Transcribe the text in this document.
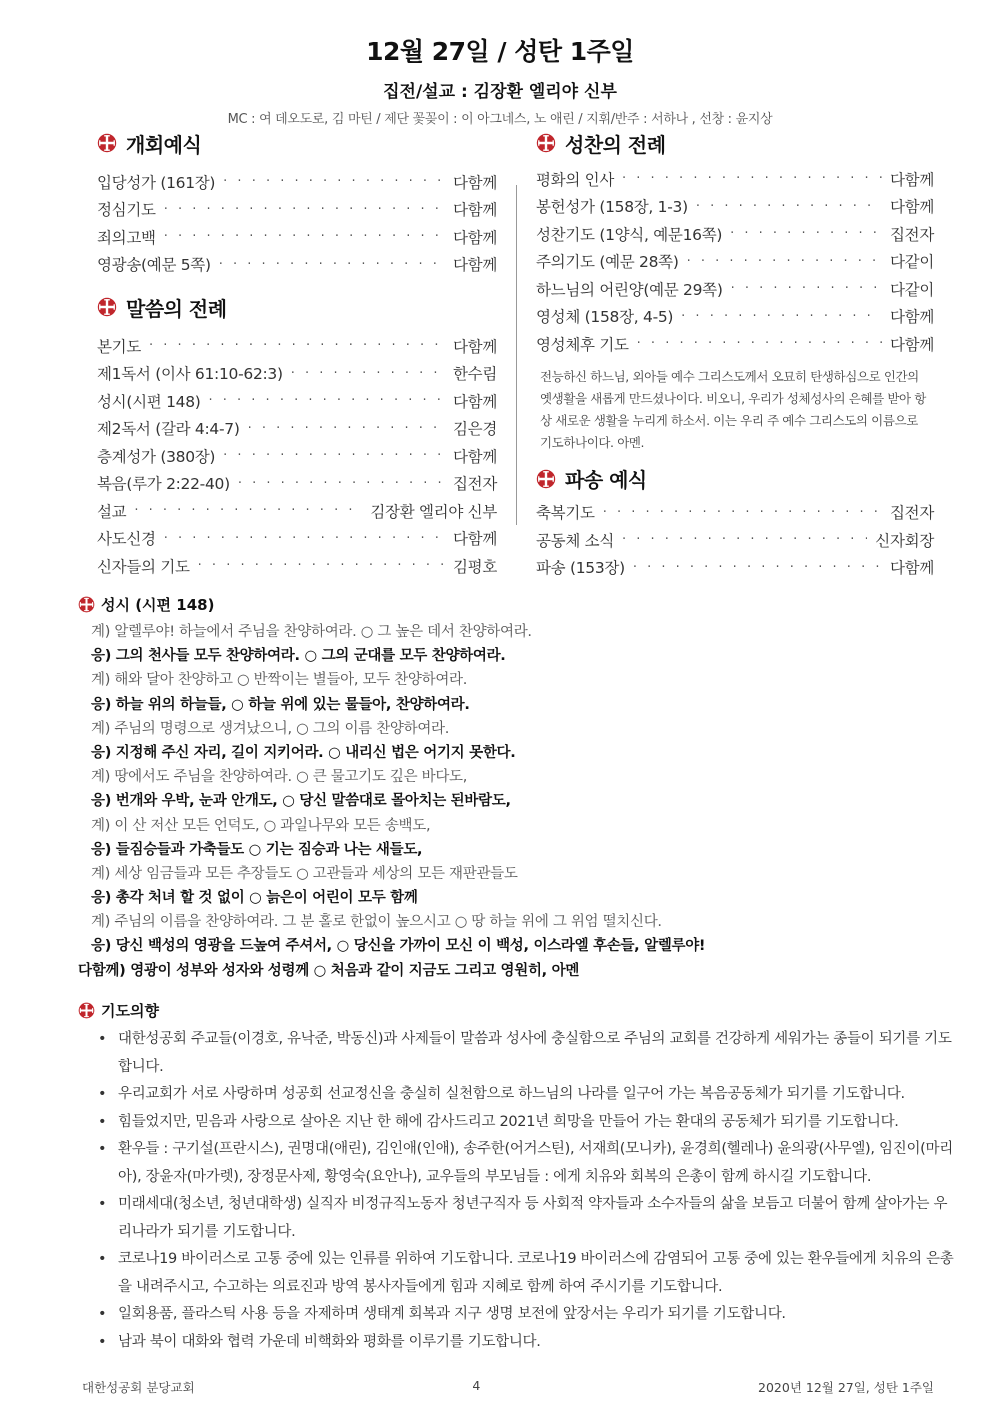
12월 27일 / 성탄 1주일
집전/설교 : 김장환 엘리야 신부
MC : 여 데오도로, 김 마틴 / 제단 꽃꽂이 : 이 아그네스, 노 애린 / 지휘/반주 : 서하나 , 선창 : 윤지상
개회예식
입당성가 (161장) · · ·	다함께
정심기도 · · ·	다함께
죄의고백 · · ·	다함께
영광송(예문 5쪽) · · ·	다함께
말씀의 전례
본기도 · · ·	다함께
제1독서 (이사 61:10-62:3) · · ·	한수림
성시(시편 148) · · ·	다함께
제2독서 (갈라 4:4-7) · · ·	김은경
층계성가 (380장) · · ·	다함께
복음(루가 2:22-40) · · ·	집전자
설교 · · ·	김장환 엘리야 신부
사도신경 · · ·	다함께
신자들의 기도 · · ·	김평호
성찬의 전례
평화의 인사 · · ·	다함께
봉헌성가 (158장, 1-3) · · ·	다함께
성찬기도 (1양식, 예문16쪽) · · ·	집전자
주의기도 (예문 28쪽) · · ·	다같이
하느님의 어린양(예문 29쪽) · · ·	다같이
영성체 (158장, 4-5) · · ·	다함께
영성체후 기도 · · ·	다함께
전능하신 하느님, 외아들 예수 그리스도께서 오묘히 탄생하심으로 인간의 옛생활을 새롭게 만드셨나이다. 비오니, 우리가 성체성사의 은혜를 받아 항상 새로운 생활을 누리게 하소서. 이는 우리 주 예수 그리스도의 이름으로 기도하나이다. 아멘.
파송 예식
축복기도 · · ·	집전자
공동체 소식 · · ·	신자회장
파송 (153장) · · ·	다함께
성시 (시편 148)
계) 알렐루야! 하늘에서 주님을 찬양하여라. ○ 그 높은 데서 찬양하여라.
응) 그의 천사들 모두 찬양하여라. ○ 그의 군대를 모두 찬양하여라.
계) 해와 달아 찬양하고 ○ 반짝이는 별들아, 모두 찬양하여라.
응) 하늘 위의 하늘들, ○ 하늘 위에 있는 물들아, 찬양하여라.
계) 주님의 명령으로 생겨났으니, ○ 그의 이름 찬양하여라.
응) 지정해 주신 자리, 길이 지키어라. ○ 내리신 법은 어기지 못한다.
계) 땅에서도 주님을 찬양하여라. ○ 큰 물고기도 깊은 바다도,
응) 번개와 우박, 눈과 안개도, ○ 당신 말씀대로 몰아치는 된바람도,
계) 이 산 저산 모든 언덕도, ○ 과일나무와 모든 송백도,
응) 들짐승들과 가축들도 ○ 기는 짐승과 나는 새들도,
계) 세상 임금들과 모든 추장들도 ○ 고관들과 세상의 모든 재판관들도
응) 총각 처녀 할 것 없이 ○ 늙은이 어린이 모두 함께
계) 주님의 이름을 찬양하여라. 그 분 홀로 한없이 높으시고 ○ 땅 하늘 위에 그 위엄 떨치신다.
응) 당신 백성의 영광을 드높여 주셔서, ○ 당신을 가까이 모신 이 백성, 이스라엘 후손들, 알렐루야!
다함께) 영광이 성부와 성자와 성령께 ○ 처음과 같이 지금도 그리고 영원히, 아멘
기도의향
• 대한성공회 주교들(이경호, 유낙준, 박동신)과 사제들이 말씀과 성사에 충실함으로 주님의 교회를 건강하게 세워가는 종들이 되기를 기도합니다.
• 우리교회가 서로 사랑하며 성공회 선교정신을 충실히 실천함으로 하느님의 나라를 일구어 가는 복음공동체가 되기를 기도합니다.
• 힘들었지만, 믿음과 사랑으로 살아온 지난 한 해에 감사드리고 2021년 희망을 만들어 가는 환대의 공동체가 되기를 기도합니다.
• 환우들 : 구기설(프란시스), 권명대(애린), 김인애(인애), 송주한(어거스틴), 서재희(모니카), 윤경희(헬레나) 윤의광(사무엘), 임진이(마리아), 장윤자(마가렛), 장정문사제, 황영숙(요안나), 교우들의 부모님들 : 에게 치유와 회복의 은총이 함께 하시길 기도합니다.
• 미래세대(청소년, 청년대학생) 실직자 비정규직노동자 청년구직자 등 사회적 약자들과 소수자들의 삶을 보듬고 더불어 함께 살아가는 우리나라가 되기를 기도합니다.
• 코로나19 바이러스로 고통 중에 있는 인류를 위하여 기도합니다. 코로나19 바이러스에 감염되어 고통 중에 있는 환우들에게 치유의 은총을 내려주시고, 수고하는 의료진과 방역 봉사자들에게 힘과 지혜로 함께 하여 주시기를 기도합니다.
• 일회용품, 플라스틱 사용 등을 자제하며 생태계 회복과 지구 생명 보전에 앞장서는 우리가 되기를 기도합니다.
• 남과 북이 대화와 협력 가운데 비핵화와 평화를 이루기를 기도합니다.
대한성공회 분당교회	4	2020년 12월 27일, 성탄 1주일
